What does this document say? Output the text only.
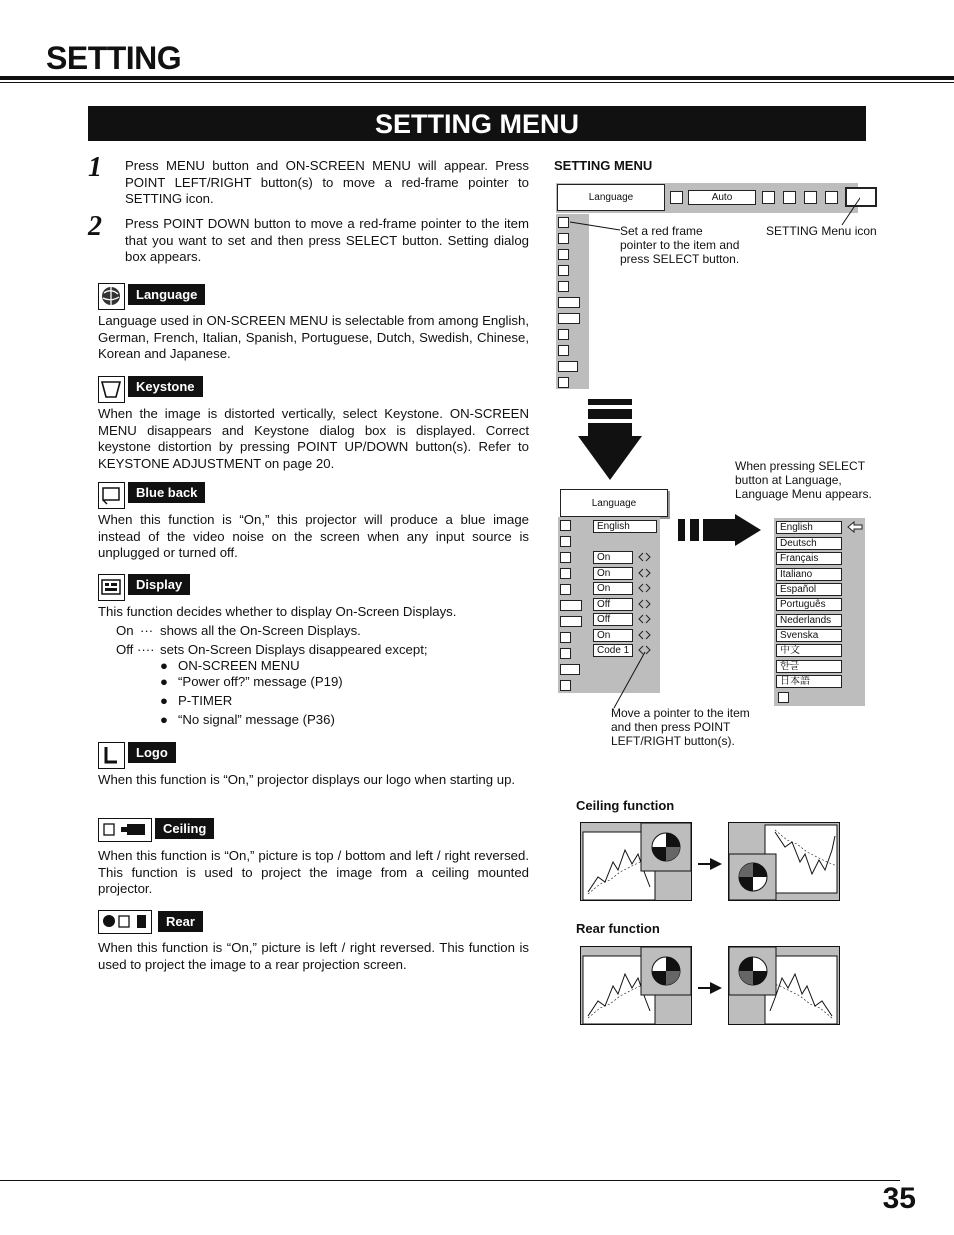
SETTING
SETTING MENU
1 Press MENU button and ON-SCREEN MENU will appear. Press POINT LEFT/RIGHT button(s) to move a red-frame pointer to SETTING icon.
2 Press POINT DOWN button to move a red-frame pointer to the item that you want to set and then press SELECT button. Setting dialog box appears.
Language
Language used in ON-SCREEN MENU is selectable from among English, German, French, Italian, Spanish, Portuguese, Dutch, Swedish, Chinese, Korean and Japanese.
Keystone
When the image is distorted vertically, select Keystone. ON-SCREEN MENU disappears and Keystone dialog box is displayed. Correct keystone distortion by pressing POINT UP/DOWN button(s). Refer to KEYSTONE ADJUSTMENT on page 20.
Blue back
When this function is “On,” this projector will produce a blue image instead of the video noise on the screen when any input source is unplugged or turned off.
Display
This function decides whether to display On-Screen Displays.
On ··· shows all the On-Screen Displays.
Off ···· sets On-Screen Displays disappeared except;
● ON-SCREEN MENU
● “Power off?” message (P19)
● P-TIMER
● “No signal” message (P36)
Logo
When this function is “On,” projector displays our logo when starting up.
Ceiling
When this function is “On,” picture is top / bottom and left / right reversed. This function is used to project the image from a ceiling mounted projector.
Rear
When this function is “On,” picture is left / right reversed. This function is used to project the image to a rear projection screen.
SETTING MENU
Language	Auto
Set a red frame pointer to the item and press SELECT button.
SETTING Menu icon
When pressing SELECT button at Language, Language Menu appears.
Language
English
On
On
On
Off
Off
On
Code 1
Move a pointer to the item and then press POINT LEFT/RIGHT button(s).
English
Deutsch
Français
Italiano
Español
Português
Nederlands
Svenska
中文
한글
日本語
Ceiling function
Rear function
35
